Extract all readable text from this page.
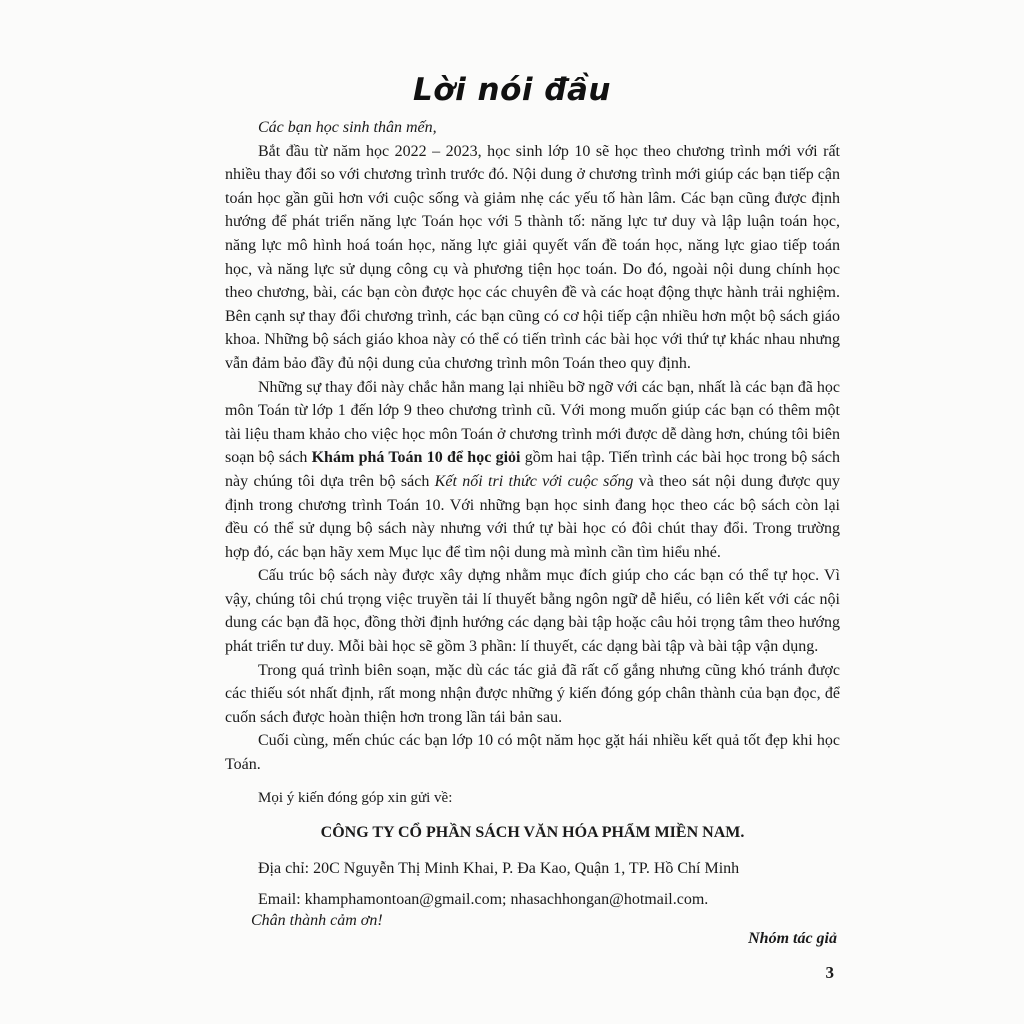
Lời nói đầu
Các bạn học sinh thân mến,

Bắt đầu từ năm học 2022 – 2023, học sinh lớp 10 sẽ học theo chương trình mới với rất nhiều thay đổi so với chương trình trước đó. Nội dung ở chương trình mới giúp các bạn tiếp cận toán học gần gũi hơn với cuộc sống và giảm nhẹ các yếu tố hàn lâm. Các bạn cũng được định hướng để phát triển năng lực Toán học với 5 thành tố: năng lực tư duy và lập luận toán học, năng lực mô hình hoá toán học, năng lực giải quyết vấn đề toán học, năng lực giao tiếp toán học, và năng lực sử dụng công cụ và phương tiện học toán. Do đó, ngoài nội dung chính học theo chương, bài, các bạn còn được học các chuyên đề và các hoạt động thực hành trải nghiệm. Bên cạnh sự thay đổi chương trình, các bạn cũng có cơ hội tiếp cận nhiều hơn một bộ sách giáo khoa. Những bộ sách giáo khoa này có thể có tiến trình các bài học với thứ tự khác nhau nhưng vẫn đảm bảo đầy đủ nội dung của chương trình môn Toán theo quy định.

Những sự thay đổi này chắc hẳn mang lại nhiều bỡ ngỡ với các bạn, nhất là các bạn đã học môn Toán từ lớp 1 đến lớp 9 theo chương trình cũ. Với mong muốn giúp các bạn có thêm một tài liệu tham khảo cho việc học môn Toán ở chương trình mới được dễ dàng hơn, chúng tôi biên soạn bộ sách Khám phá Toán 10 để học giỏi gồm hai tập. Tiến trình các bài học trong bộ sách này chúng tôi dựa trên bộ sách Kết nối tri thức với cuộc sống và theo sát nội dung được quy định trong chương trình Toán 10. Với những bạn học sinh đang học theo các bộ sách còn lại đều có thể sử dụng bộ sách này nhưng với thứ tự bài học có đôi chút thay đổi. Trong trường hợp đó, các bạn hãy xem Mục lục để tìm nội dung mà mình cần tìm hiểu nhé.

Cấu trúc bộ sách này được xây dựng nhằm mục đích giúp cho các bạn có thể tự học. Vì vậy, chúng tôi chú trọng việc truyền tải lí thuyết bằng ngôn ngữ dễ hiểu, có liên kết với các nội dung các bạn đã học, đồng thời định hướng các dạng bài tập hoặc câu hỏi trọng tâm theo hướng phát triển tư duy. Mỗi bài học sẽ gồm 3 phần: lí thuyết, các dạng bài tập và bài tập vận dụng.

Trong quá trình biên soạn, mặc dù các tác giả đã rất cố gắng nhưng cũng khó tránh được các thiếu sót nhất định, rất mong nhận được những ý kiến đóng góp chân thành của bạn đọc, để cuốn sách được hoàn thiện hơn trong lần tái bản sau.

Cuối cùng, mến chúc các bạn lớp 10 có một năm học gặt hái nhiều kết quả tốt đẹp khi học Toán.

Mọi ý kiến đóng góp xin gửi về:
CÔNG TY CỔ PHẦN SÁCH VĂN HÓA PHẨM MIỀN NAM.
Địa chỉ: 20C Nguyễn Thị Minh Khai, P. Đa Kao, Quận 1, TP. Hồ Chí Minh
Email: khamphamontoan@gmail.com; nhasachhongan@hotmail.com.
Chân thành cảm ơn!
Nhóm tác giả
3
